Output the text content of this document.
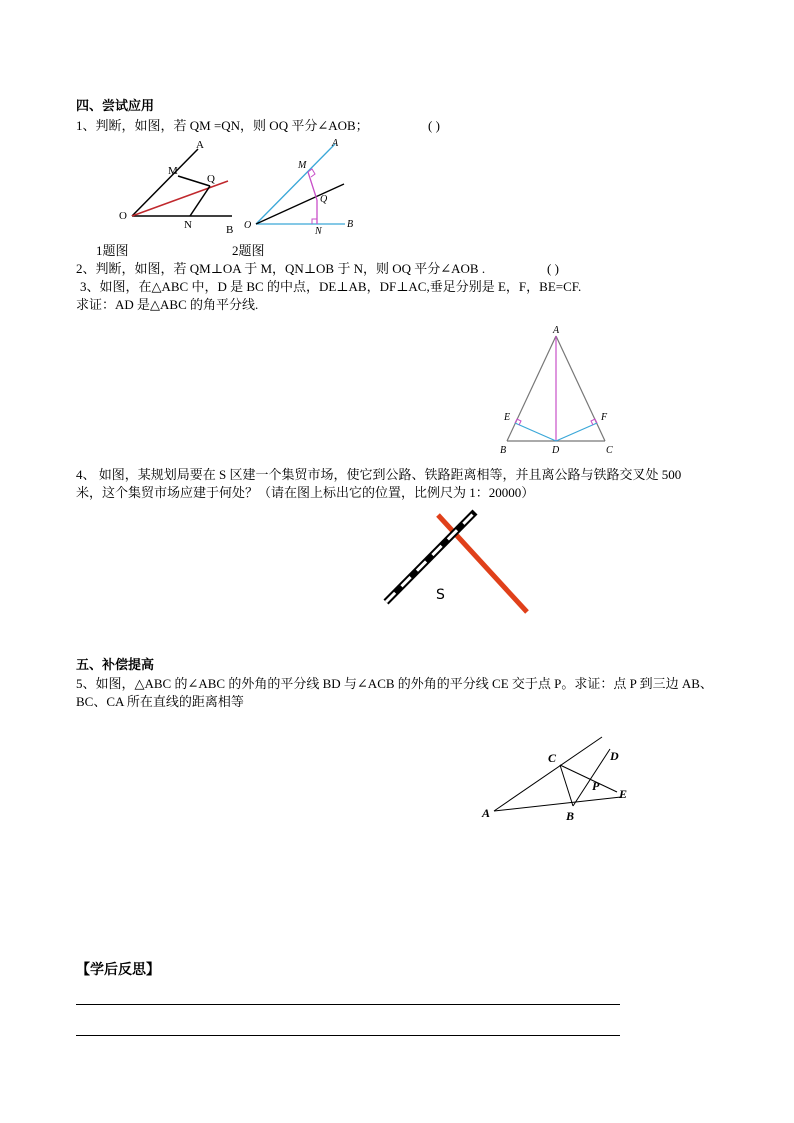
四、尝试应用
1、判断，如图，若 QM =QN，则 OQ 平分∠AOB；	( )
A
M
Q
O
N	B
A
M
Q
O
N
B
1题图	2题图
2、判断，如图，若 QM⊥OA 于 M，QN⊥OB 于 N，则 OQ 平分∠AOB .	( )
3、如图，在△ABC 中，D 是 BC 的中点，DE⊥AB，DF⊥AC,垂足分别是 E，F，BE=CF.
求证：AD 是△ABC 的角平分线.
A
E	F
B	D	C
4、 如图，某规划局要在 S 区建一个集贸市场，使它到公路、铁路距离相等，并且离公路与铁路交叉处 500
米，这个集贸市场应建于何处？（请在图上标出它的位置，比例尺为 1：20000）
S
五、补偿提高
5、如图，△ABC 的∠ABC 的外角的平分线 BD 与∠ACB 的外角的平分线 CE 交于点 P。求证：点 P 到三边 AB、
BC、CA 所在直线的距离相等
C	D
P
E
A	B
【学后反思】
